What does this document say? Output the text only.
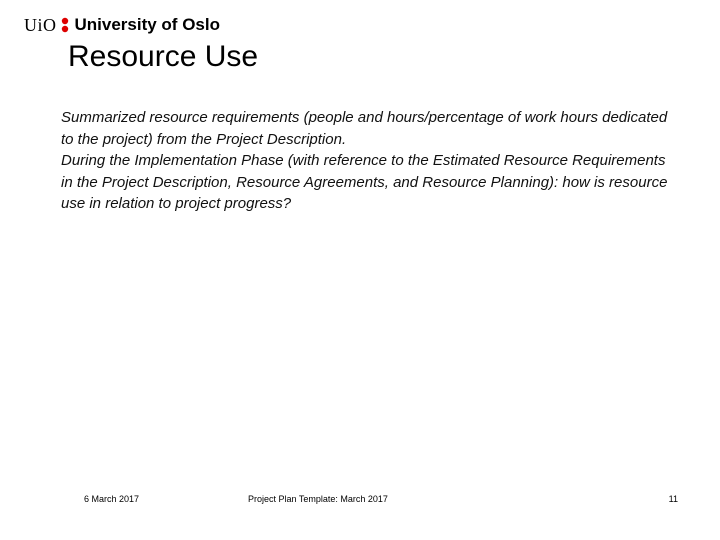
UiO University of Oslo
Resource Use

Summarized resource requirements (people and hours/percentage of work hours dedicated to the project) from the Project Description.

During the Implementation Phase (with reference to the Estimated Resource Requirements in the Project Description, Resource Agreements, and Resource Planning): how is resource use in relation to project progress?

6 March 2017	Project Plan Template: March 2017	11
